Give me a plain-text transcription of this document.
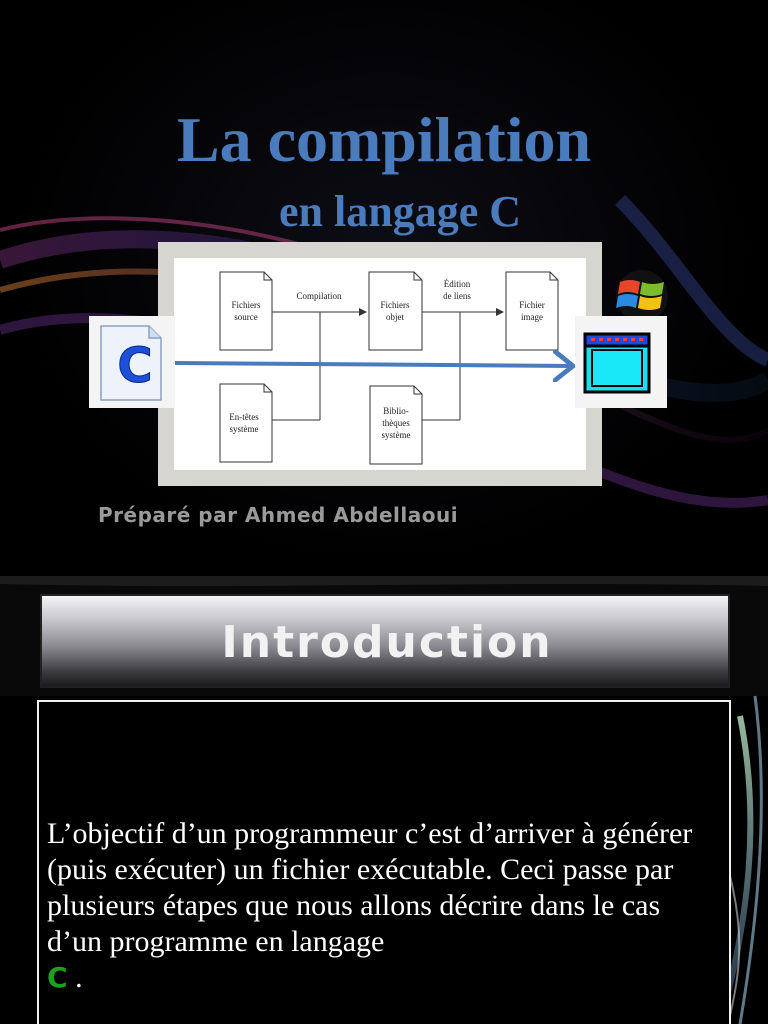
La compilation
en langage C
Fichiers
source
Fichiers
objet
Fichier
image
En-têtes
système
Biblio-
thèques
système
Compilation
Édition
de liens
C

Préparé par Ahmed Abdellaoui

Introduction

L’objectif d’un programmeur c’est d’arriver à générer (puis exécuter) un fichier exécutable. Ceci passe par plusieurs étapes que nous allons décrire dans le cas d’un programme en langage
C .
